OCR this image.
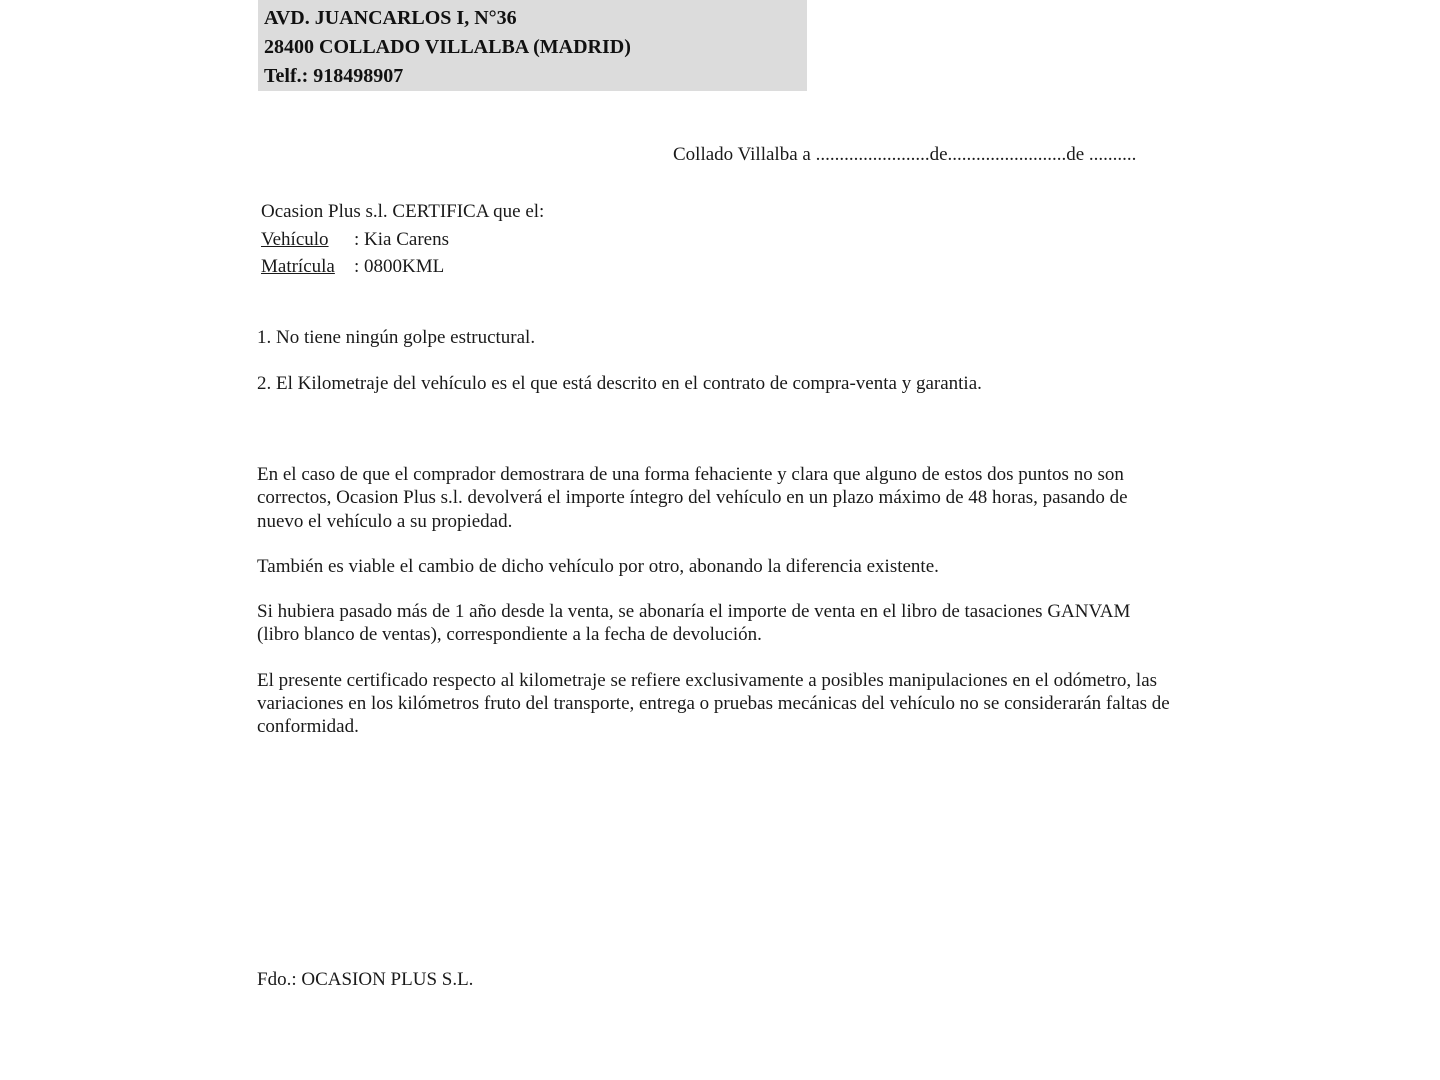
AVD. JUANCARLOS I, N°36
28400 COLLADO VILLALBA (MADRID)
Telf.: 918498907
Collado Villalba a ........................de.........................de ..........
Ocasion Plus s.l. CERTIFICA que el:
Vehículo	: Kia Carens
Matrícula	: 0800KML

1. No tiene ningún golpe estructural.

2. El Kilometraje del vehículo es el que está descrito en el contrato de compra-venta y garantia.

En el caso de que el comprador demostrara de una forma fehaciente y clara que alguno de estos dos puntos no son correctos, Ocasion Plus s.l. devolverá el importe íntegro del vehículo en un plazo máximo de 48 horas, pasando de nuevo el vehículo a su propiedad.

También es viable el cambio de dicho vehículo por otro, abonando la diferencia existente.

Si hubiera pasado más de 1 año desde la venta, se abonaría el importe de venta en el libro de tasaciones GANVAM (libro blanco de ventas), correspondiente a la fecha de devolución.

El presente certificado respecto al kilometraje se refiere exclusivamente a posibles manipulaciones en el odómetro, las variaciones en los kilómetros fruto del transporte, entrega o pruebas mecánicas del vehículo no se considerarán faltas de conformidad.

Fdo.: OCASION PLUS S.L.
